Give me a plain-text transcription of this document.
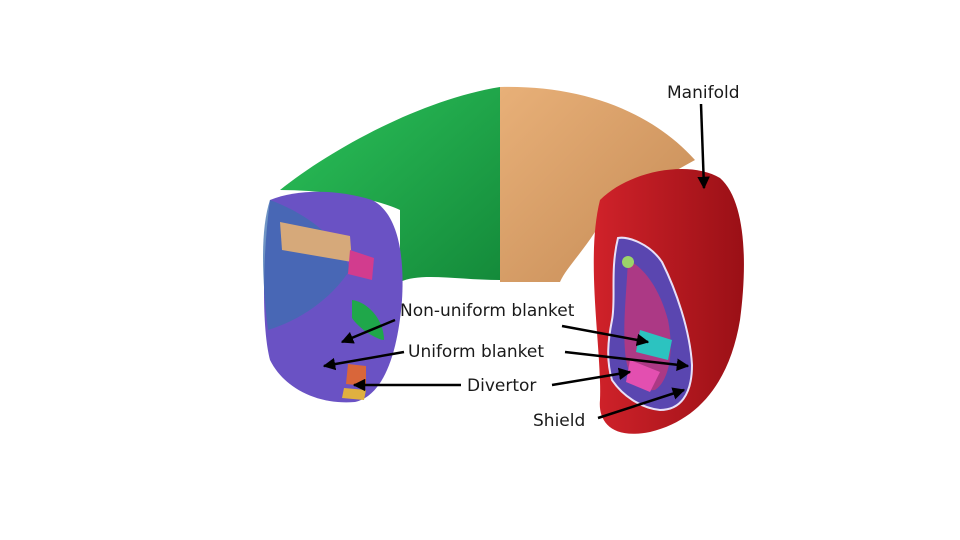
Manifold
Non-uniform blanket
Uniform blanket
Divertor
Shield
